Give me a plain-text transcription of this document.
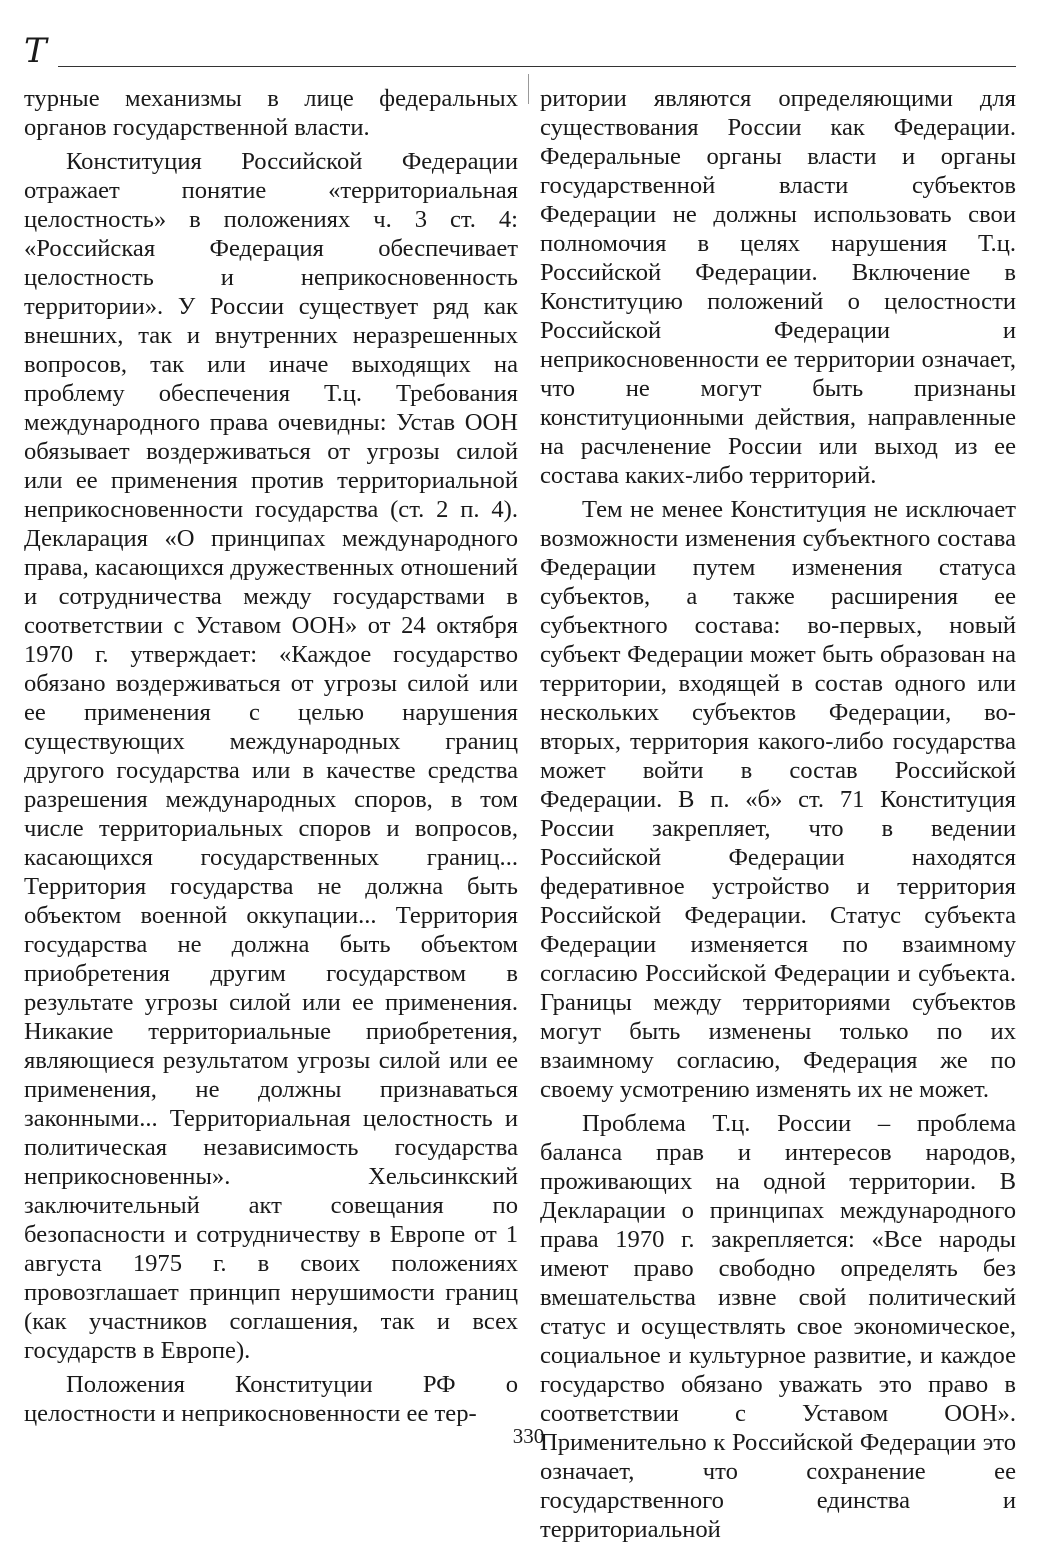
Т

турные механизмы в лице федеральных органов государственной власти.

Конституция Российской Федерации отражает понятие «территориальная целостность» в положениях ч. 3 ст. 4: «Российская Федерация обеспечивает целостность и неприкосновенность территории». У России существует ряд как внешних, так и внутренних неразрешенных вопросов, так или иначе выходящих на проблему обеспечения Т.ц. Требования международного права очевидны: Устав ООН обязывает воздерживаться от угрозы силой или ее применения против территориальной неприкосновенности государства (ст. 2 п. 4). Декларация «О принципах международного права, касающихся дружественных отношений и сотрудничества между государствами в соответствии с Уставом ООН» от 24 октября 1970 г. утверждает: «Каждое государство обязано воздерживаться от угрозы силой или ее применения с целью нарушения существующих международных границ другого государства или в качестве средства разрешения международных споров, в том числе территориальных споров и вопросов, касающихся государственных границ... Территория государства не должна быть объектом военной оккупации... Территория государства не должна быть объектом приобретения другим государством в результате угрозы силой или ее применения. Никакие территориальные приобретения, являющиеся результатом угрозы силой или ее применения, не должны признаваться законными... Территориальная целостность и политическая независимость государства неприкосновенны». Хельсинкский заключительный акт совещания по безопасности и сотрудничеству в Европе от 1 августа 1975 г. в своих положениях провозглашает принцип нерушимости границ (как участников соглашения, так и всех государств в Европе).

Положения Конституции РФ о целостности и неприкосновенности ее тер-

ритории являются определяющими для существования России как Федерации. Федеральные органы власти и органы государственной власти субъектов Федерации не должны использовать свои полномочия в целях нарушения Т.ц. Российской Федерации. Включение в Конституцию положений о целостности Российской Федерации и неприкосновенности ее территории означает, что не могут быть признаны конституционными действия, направленные на расчленение России или выход из ее состава каких-либо территорий.

Тем не менее Конституция не исключает возможности изменения субъектного состава Федерации путем изменения статуса субъектов, а также расширения ее субъектного состава: во-первых, новый субъект Федерации может быть образован на территории, входящей в состав одного или нескольких субъектов Федерации, во-вторых, территория какого-либо государства может войти в состав Российской Федерации. В п. «б» ст. 71 Конституция России закрепляет, что в ведении Российской Федерации находятся федеративное устройство и территория Российской Федерации. Статус субъекта Федерации изменяется по взаимному согласию Российской Федерации и субъекта. Границы между территориями субъектов могут быть изменены только по их взаимному согласию, Федерация же по своему усмотрению изменять их не может.

Проблема Т.ц. России – проблема баланса прав и интересов народов, проживающих на одной территории. В Декларации о принципах международного права 1970 г. закрепляется: «Все народы имеют право свободно определять без вмешательства извне свой политический статус и осуществлять свое экономическое, социальное и культурное развитие, и каждое государство обязано уважать это право в соответствии с Уставом ООН». Применительно к Российской Федерации это означает, что сохранение ее государственного единства и территориальной

330
